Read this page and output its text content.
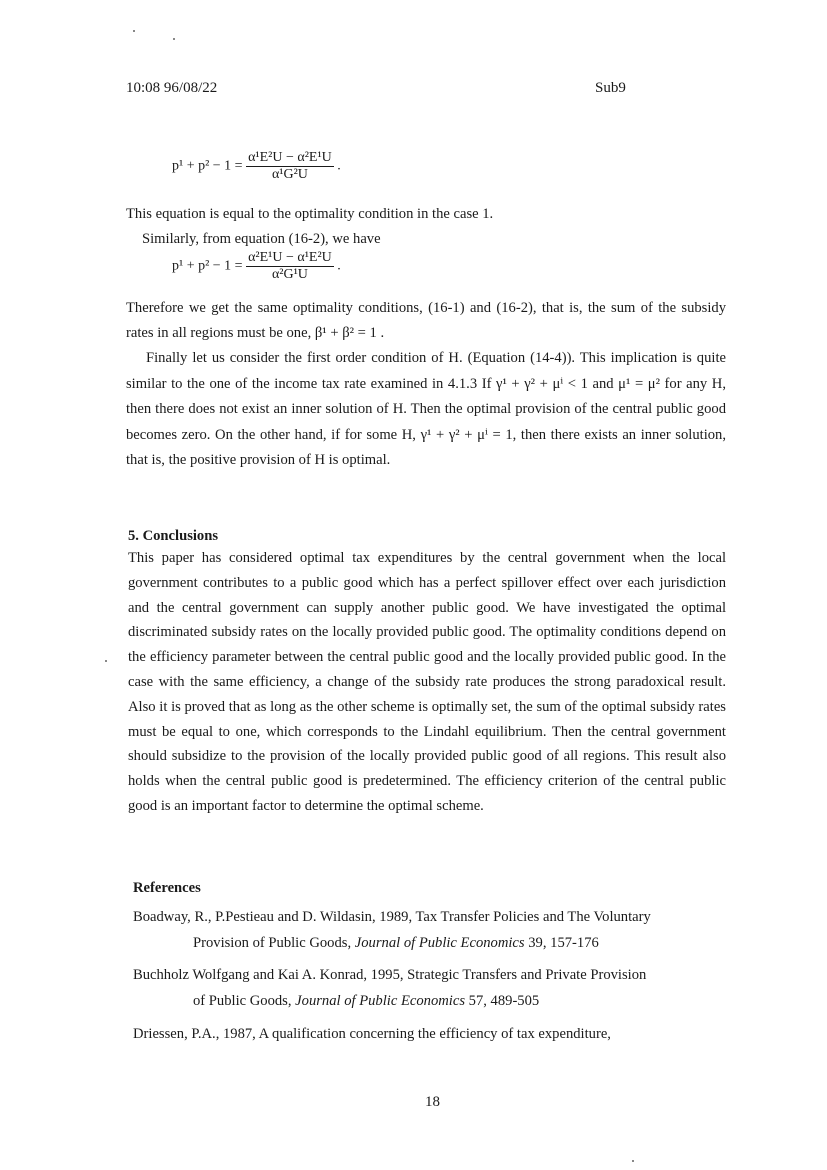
10:08 96/08/22	Sub9
$p^1 + p^2 - 1 = \frac{\text{α¹E²U − α²E¹U}}{\text{α¹G²U}}$ .
This equation is equal to the optimality condition in the case 1.
Similarly, from equation (16-2), we have
$p^1 + p^2 - 1 = \frac{\text{α²E¹U − α¹E²U}}{\text{α²G¹U}}$ .
Therefore we get the same optimality conditions, (16-1) and (16-2), that is, the sum of the subsidy rates in all regions must be one, β¹ + β² = 1 .
Finally let us consider the first order condition of H. (Equation (14-4)). This implication is quite similar to the one of the income tax rate examined in 4.1.3 If γ¹ + γ² + μⁱ < 1 and μ¹ = μ² for any H, then there does not exist an inner solution of H. Then the optimal provision of the central public good becomes zero. On the other hand, if for some H, γ¹ + γ² + μⁱ = 1, then there exists an inner solution, that is, the positive provision of H is optimal.
5. Conclusions
This paper has considered optimal tax expenditures by the central government when the local government contributes to a public good which has a perfect spillover effect over each jurisdiction and the central government can supply another public good. We have investigated the optimal discriminated subsidy rates on the locally provided public good. The optimality conditions depend on the efficiency parameter between the central public good and the locally provided public good. In the case with the same efficiency, a change of the subsidy rate produces the strong paradoxical result. Also it is proved that as long as the other scheme is optimally set, the sum of the optimal subsidy rates must be equal to one, which corresponds to the Lindahl equilibrium. Then the central government should subsidize to the provision of the locally provided public good of all regions. This result also holds when the central public good is predetermined. The efficiency criterion of the central public good is an important factor to determine the optimal scheme.
References
Boadway, R., P.Pestieau and D. Wildasin, 1989, Tax Transfer Policies and The Voluntary
Provision of Public Goods, Journal of Public Economics 39, 157-176
Buchholz Wolfgang and Kai A. Konrad, 1995, Strategic Transfers and Private Provision
of Public Goods, Journal of Public Economics 57, 489-505
Driessen, P.A., 1987, A qualification concerning the efficiency of tax expenditure,
18
